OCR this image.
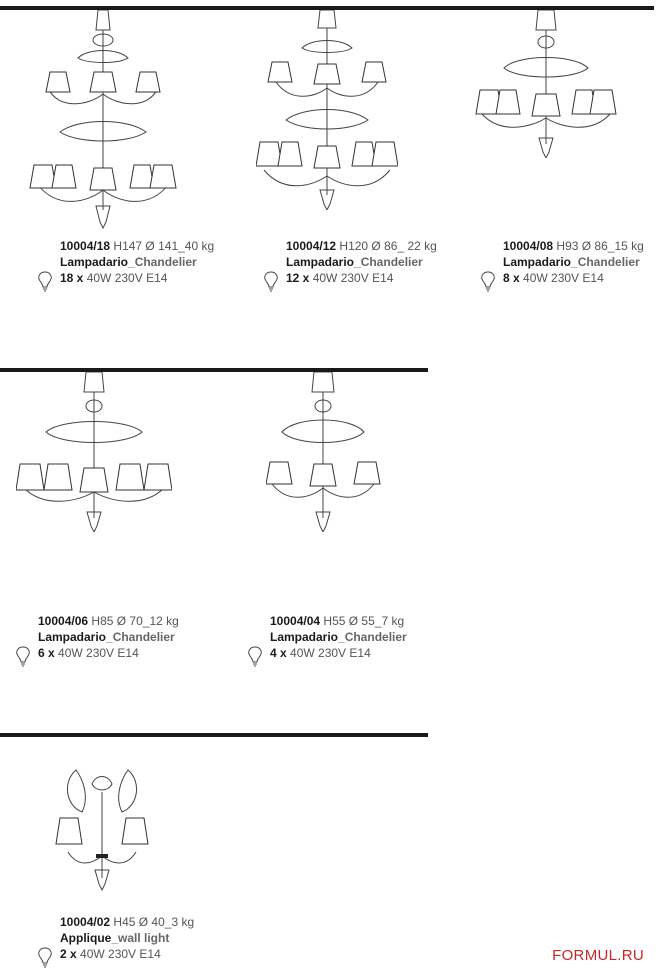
10004/18 H147 Ø 141_40 kg
Lampadario_Chandelier
18 x 40W 230V E14
10004/12 H120 Ø 86_ 22 kg
Lampadario_Chandelier
12 x 40W 230V E14
10004/08 H93 Ø 86_15 kg
Lampadario_Chandelier
8 x 40W 230V E14
10004/06 H85 Ø 70_12 kg
Lampadario_Chandelier
6 x 40W 230V E14
10004/04 H55 Ø 55_7 kg
Lampadario_Chandelier
4 x 40W 230V E14
10004/02 H45 Ø 40_3 kg
Applique_wall light
2 x 40W 230V E14	FORMUL.RU
